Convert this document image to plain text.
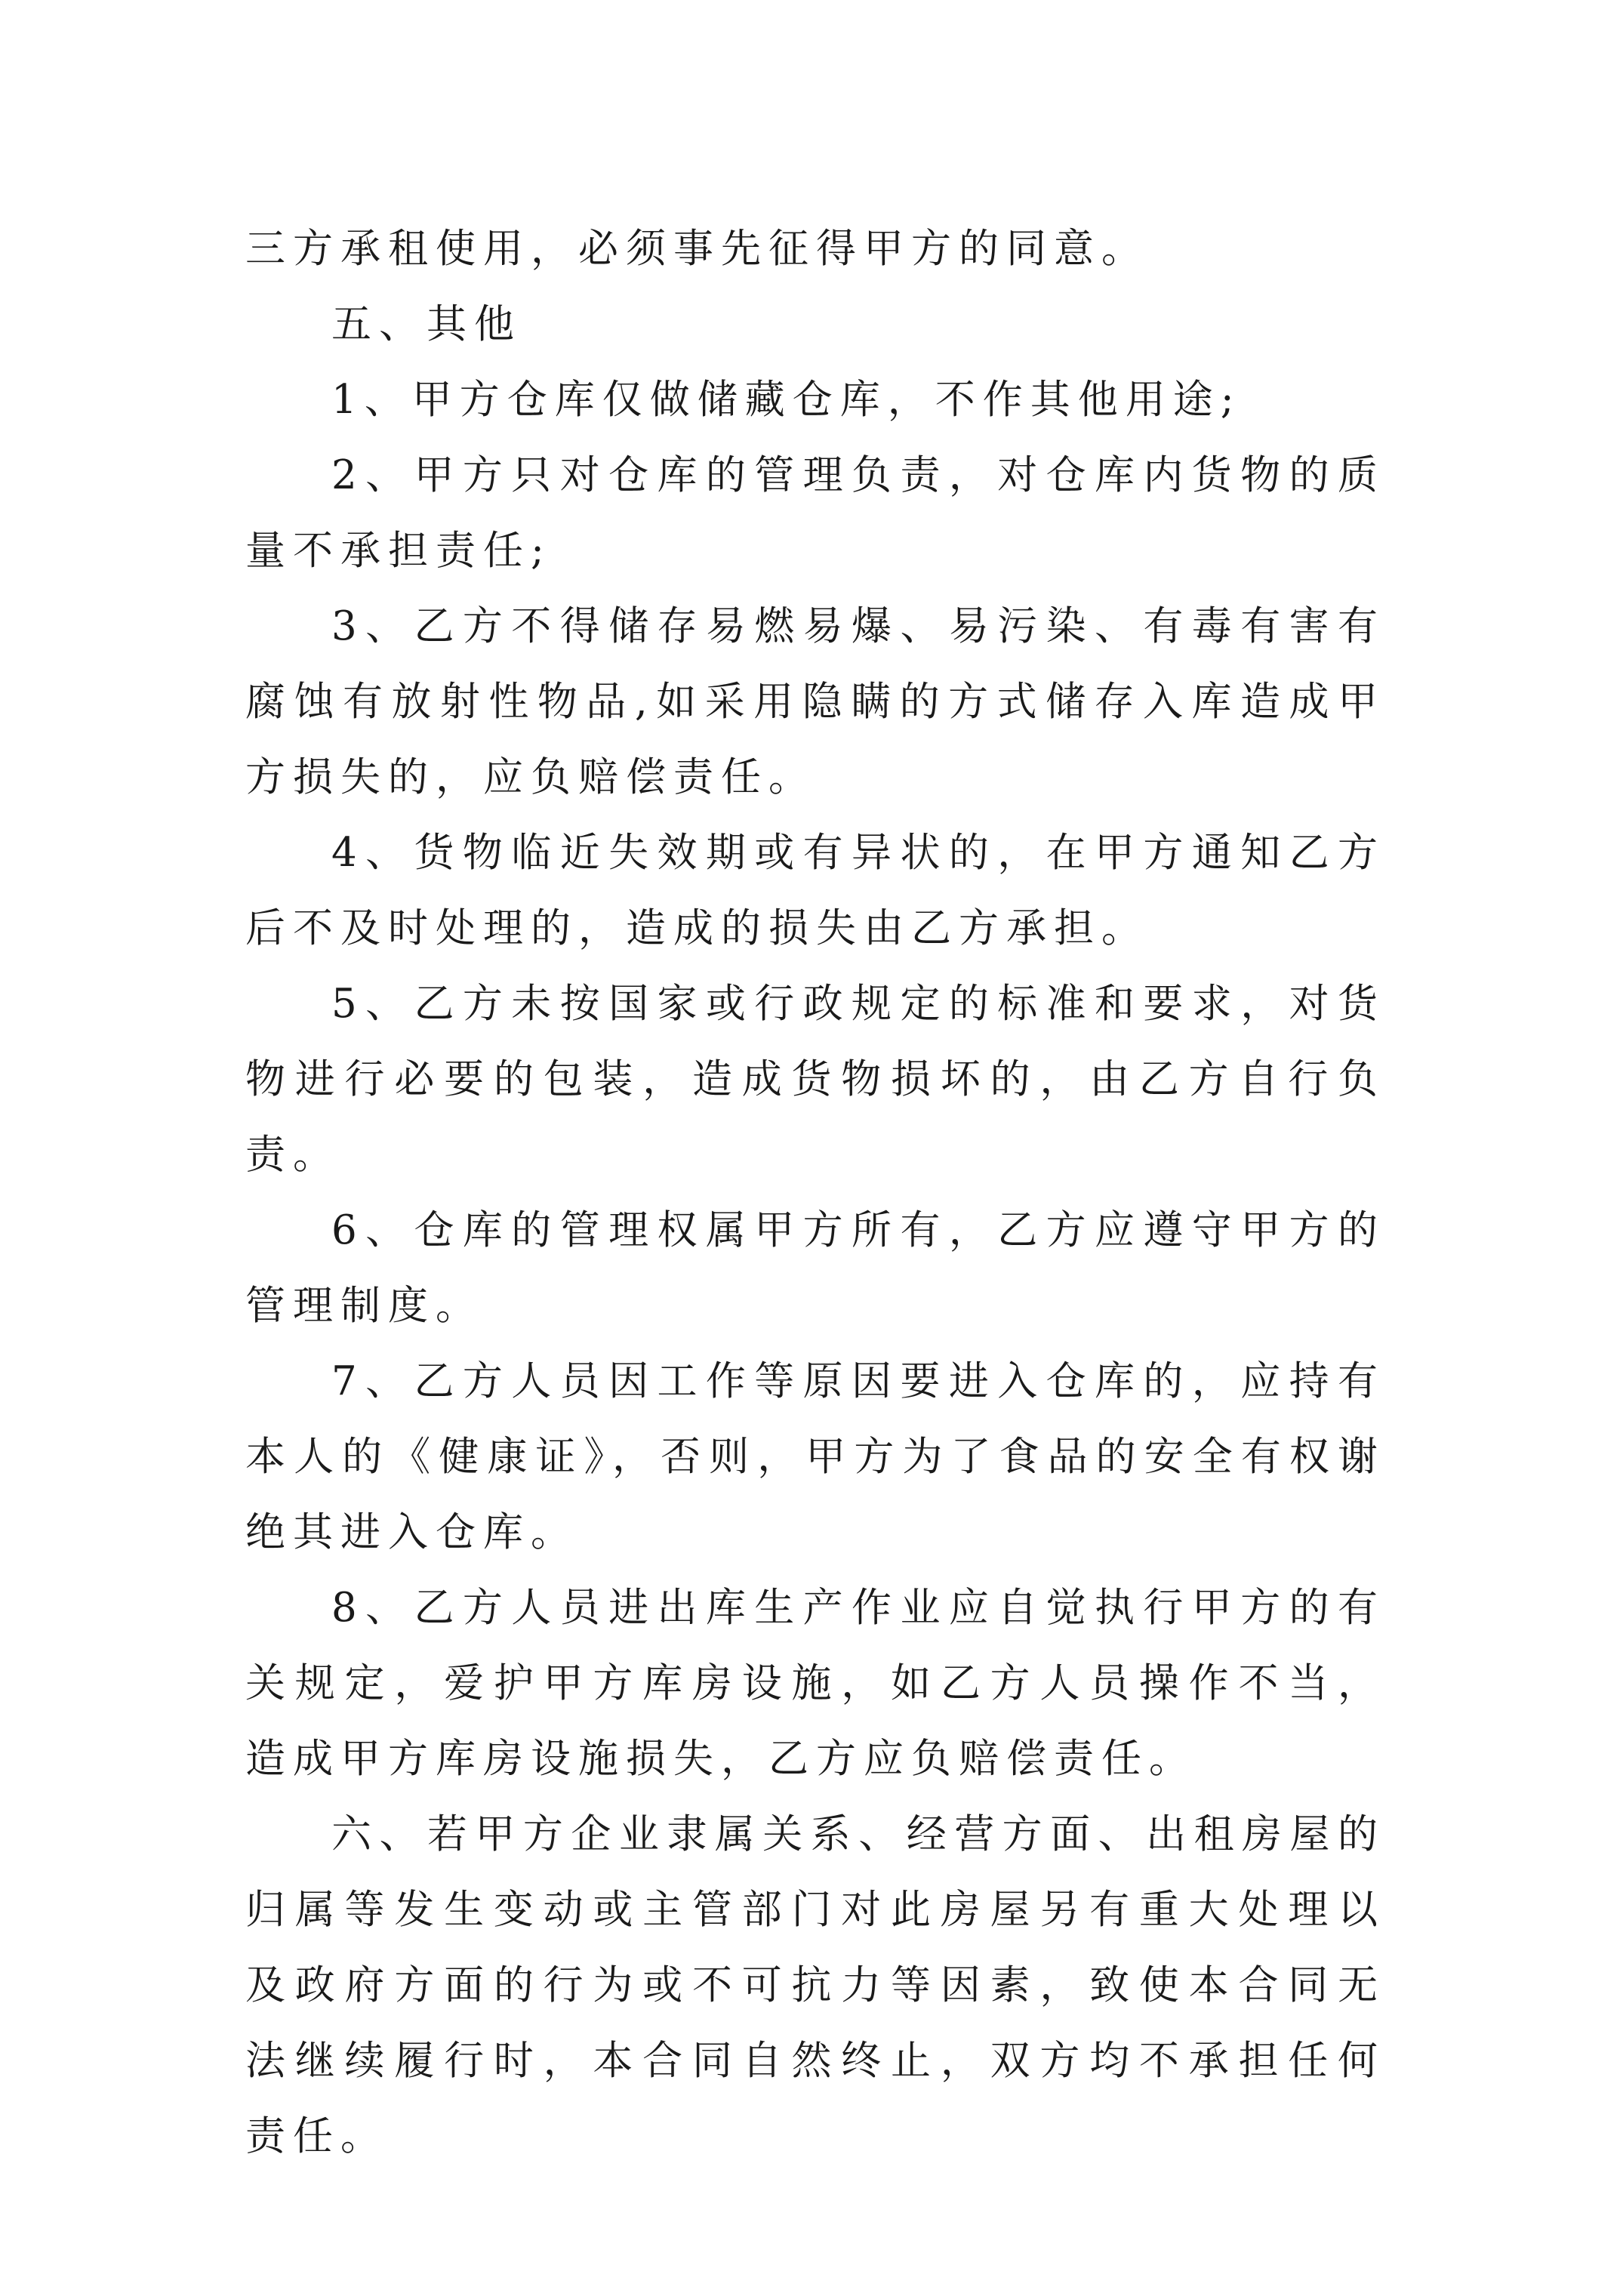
三方承租使用，必须事先征得甲方的同意。

五、其他

1、甲方仓库仅做储藏仓库，不作其他用途;

2、甲方只对仓库的管理负责，对仓库内货物的质量不承担责任;

3、乙方不得储存易燃易爆、易污染、有毒有害有腐蚀有放射性物品,如采用隐瞒的方式储存入库造成甲方损失的，应负赔偿责任。

4、货物临近失效期或有异状的，在甲方通知乙方后不及时处理的，造成的损失由乙方承担。

5、乙方未按国家或行政规定的标准和要求，对货物进行必要的包装，造成货物损坏的，由乙方自行负责。

6、仓库的管理权属甲方所有，乙方应遵守甲方的管理制度。

7、乙方人员因工作等原因要进入仓库的，应持有本人的《健康证》，否则，甲方为了食品的安全有权谢绝其进入仓库。

8、乙方人员进出库生产作业应自觉执行甲方的有关规定，爱护甲方库房设施，如乙方人员操作不当，造成甲方库房设施损失，乙方应负赔偿责任。

六、若甲方企业隶属关系、经营方面、出租房屋的归属等发生变动或主管部门对此房屋另有重大处理以及政府方面的行为或不可抗力等因素，致使本合同无法继续履行时，本合同自然终止，双方均不承担任何责任。
